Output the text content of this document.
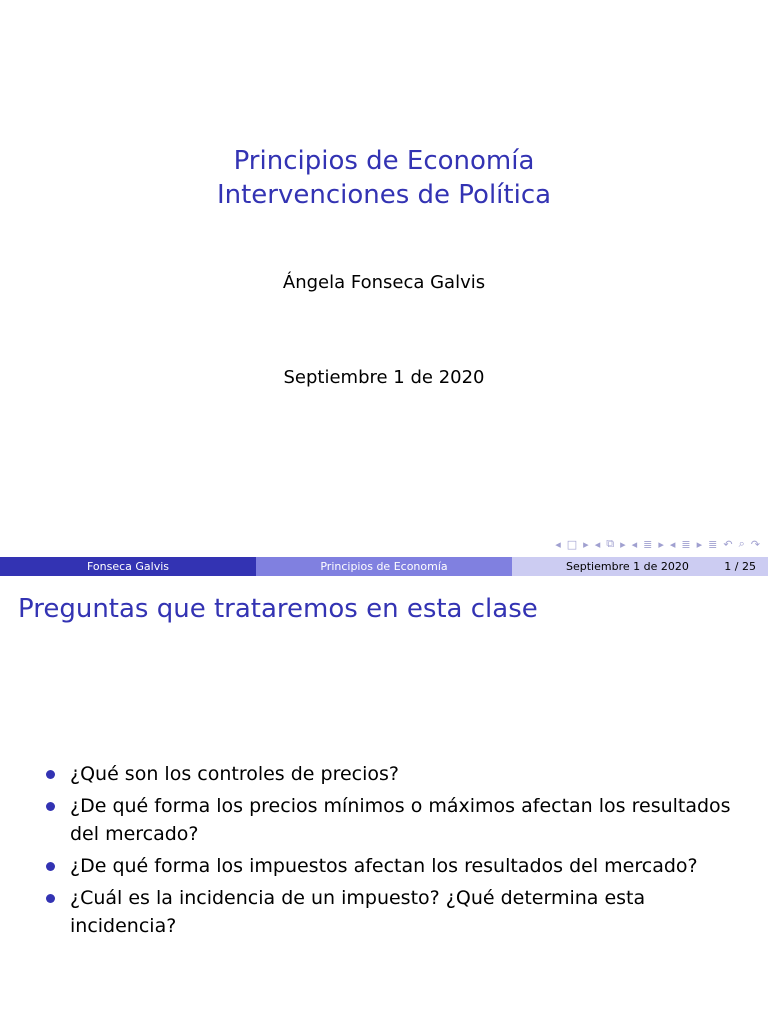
Principios de Economía
Intervenciones de Política
Ángela Fonseca Galvis
Septiembre 1 de 2020
◂ □ ▸ ◂ ⧉ ▸ ◂ ≣ ▸ ◂ ≣ ▸ ≣ ↶ ⌕ ↷
Fonseca Galvis	Principios de Economía	Septiembre 1 de 2020	1 / 25
Preguntas que trataremos en esta clase
¿Qué son los controles de precios?
¿De qué forma los precios mínimos o máximos afectan los resultados del mercado?
¿De qué forma los impuestos afectan los resultados del mercado?
¿Cuál es la incidencia de un impuesto? ¿Qué determina esta incidencia?
